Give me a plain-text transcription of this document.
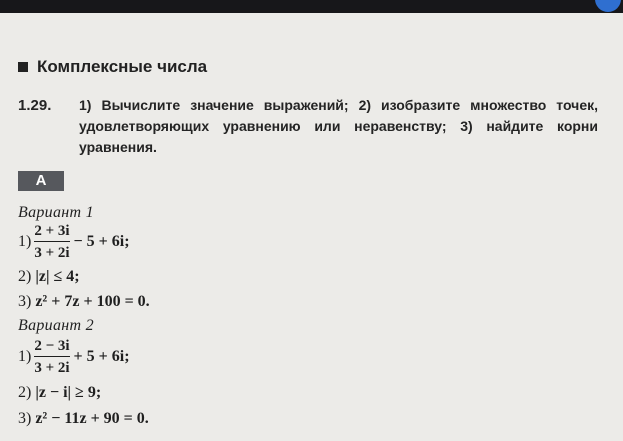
Комплексные числа
1.29. 1) Вычислите значение выражений; 2) изобразите множество точек, удовлетворяющих уравнению или неравенству; 3) найдите корни уравнения.
А
Вариант 1
$1) \frac{2 + 3i}{3 + 2i} - 5 + 6i$;
2)
|z| ≤ 4;
3)
z² + 7z + 100 = 0.
Вариант 2
$1) \frac{2 - 3i}{3 + 2i} + 5 + 6i$;
2)
|z − i| ≥ 9;
3)
z² − 11z + 90 = 0.
